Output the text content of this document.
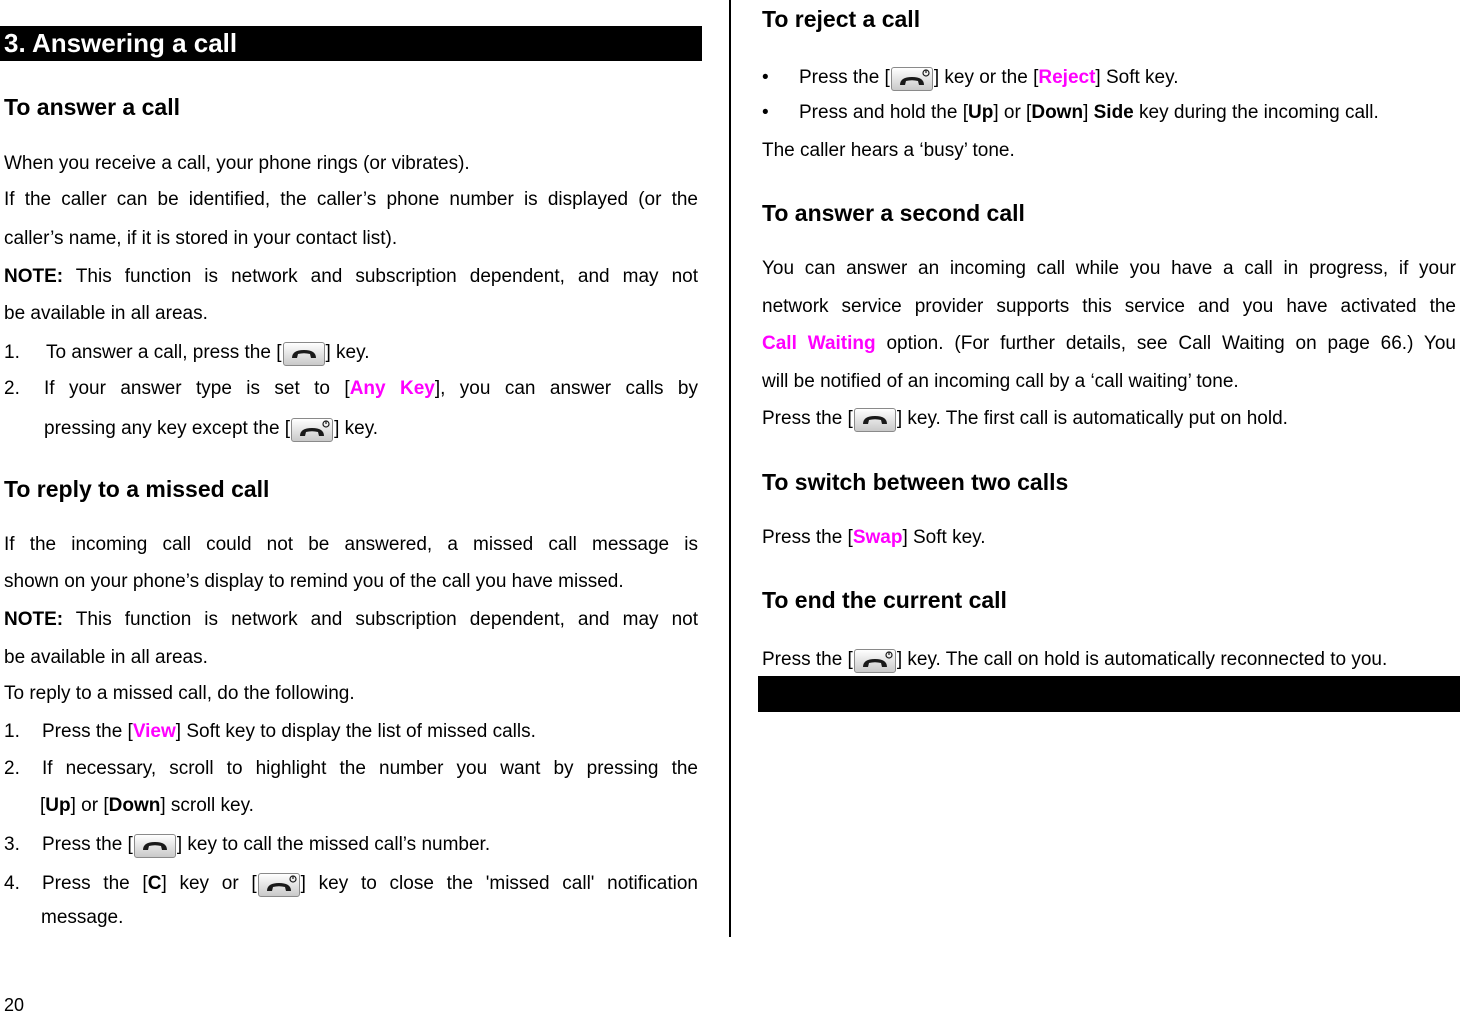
3. Answering a call
To answer a call
When you receive a call, your phone rings (or vibrates).
If the caller can be identified, the caller’s phone number is displayed (or the
caller’s name, if it is stored in your contact list).
NOTE: This function is network and subscription dependent, and may not
be available in all areas.
1. To answer a call, press the [ ] key.
2. If your answer type is set to [Any Key], you can answer calls by
pressing any key except the [ ] key.
To reply to a missed call
If the incoming call could not be answered, a missed call message is
shown on your phone’s display to remind you of the call you have missed.
NOTE: This function is network and subscription dependent, and may not
be available in all areas.
To reply to a missed call, do the following.
1. Press the [View] Soft key to display the list of missed calls.
2. If necessary, scroll to highlight the number you want by pressing the
[Up] or [Down] scroll key.
3. Press the [ ] key to call the missed call’s number.
4. Press the [C] key or [ ] key to close the 'missed call' notification
message.
20
To reject a call
• Press the [ ] key or the [Reject] Soft key.
• Press and hold the [Up] or [Down] Side key during the incoming call.
The caller hears a ‘busy’ tone.
To answer a second call
You can answer an incoming call while you have a call in progress, if your
network service provider supports this service and you have activated the
Call Waiting option. (For further details, see Call Waiting on page 66.) You
will be notified of an incoming call by a ‘call waiting’ tone.
Press the [ ] key. The first call is automatically put on hold.
To switch between two calls
Press the [Swap] Soft key.
To end the current call
Press the [ ] key. The call on hold is automatically reconnected to you.
